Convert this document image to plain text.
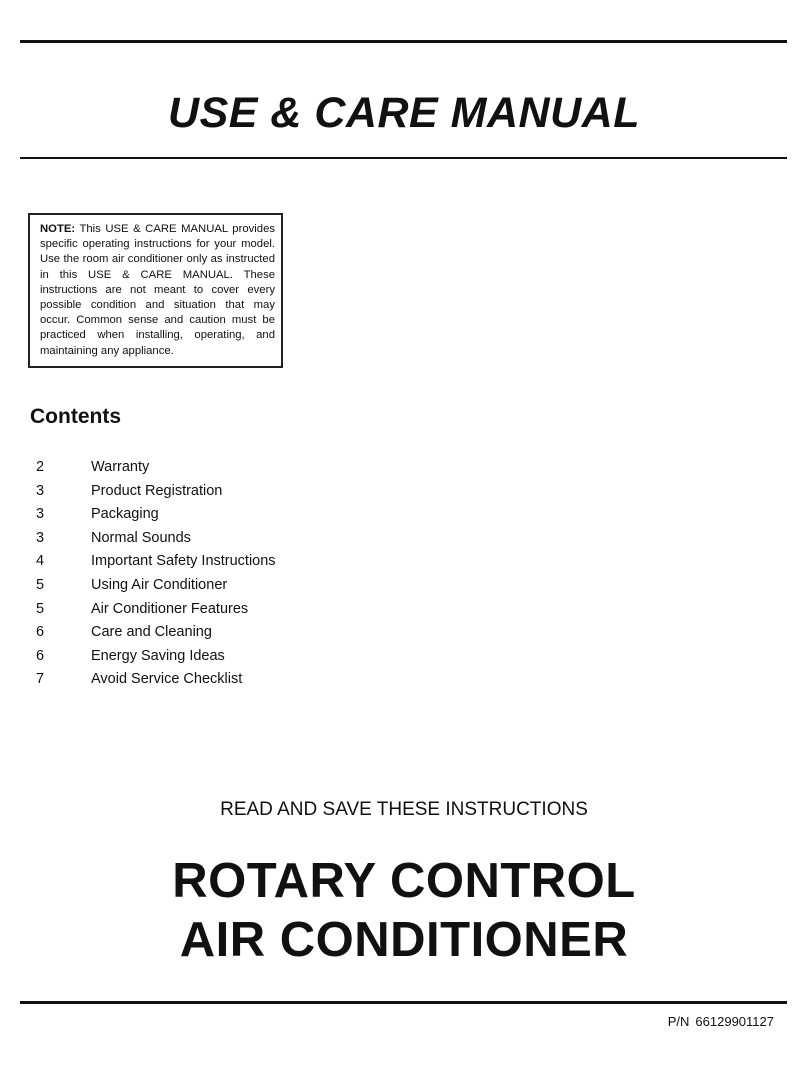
USE & CARE MANUAL
NOTE: This USE & CARE MANUAL provides specific operating instructions for your model. Use the room air conditioner only as instructed in this USE & CARE MANUAL. These instructions are not meant to cover every possible condition and situation that may occur. Common sense and caution must be practiced when installing, operating, and maintaining any appliance.
Contents
2	Warranty
3	Product Registration
3	Packaging
3	Normal Sounds
4	Important Safety Instructions
5	Using Air Conditioner
5	Air Conditioner Features
6	Care and Cleaning
6	Energy Saving Ideas
7	Avoid Service Checklist
READ AND SAVE THESE INSTRUCTIONS
ROTARY CONTROL
AIR CONDITIONER
P/N 66129901127
